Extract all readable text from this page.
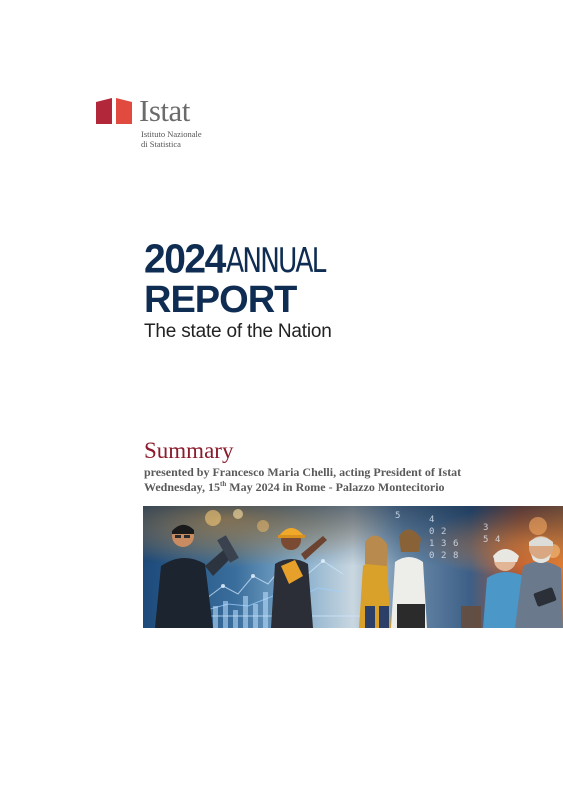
Istat
Istituto Nazionale
di Statistica
2024ANNUAL
REPORT
The state of the Nation
Summary
presented by Francesco Maria Chelli, acting President of Istat
Wednesday, 15th May 2024 in Rome - Palazzo Montecitorio
5	4
0 2
1 3 6
0 2 8
3
5 4
